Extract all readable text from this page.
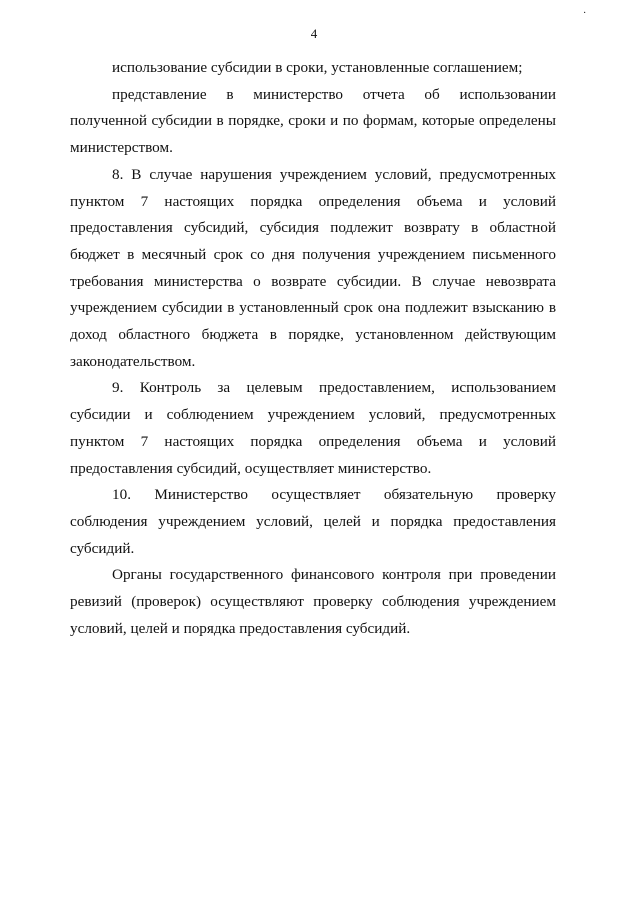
·
4

использование субсидии в сроки, установленные соглашением;

представление в министерство отчета об использовании полученной субсидии в порядке, сроки и по формам, которые определены министерством.

8. В случае нарушения учреждением условий, предусмотренных пунктом 7 настоящих порядка определения объема и условий предоставления субсидий, субсидия подлежит возврату в областной бюджет в месячный срок со дня получения учреждением письменного требования министерства о возврате субсидии. В случае невозврата учреждением субсидии в установленный срок она подлежит взысканию в доход областного бюджета в порядке, установленном действующим законодательством.

9. Контроль за целевым предоставлением, использованием субсидии и соблюдением учреждением условий, предусмотренных пунктом 7 настоящих порядка определения объема и условий предоставления субсидий, осуществляет министерство.

10. Министерство осуществляет обязательную проверку соблюдения учреждением условий, целей и порядка предоставления субсидий.

Органы государственного финансового контроля при проведении ревизий (проверок) осуществляют проверку соблюдения учреждением условий, целей и порядка предоставления субсидий.
